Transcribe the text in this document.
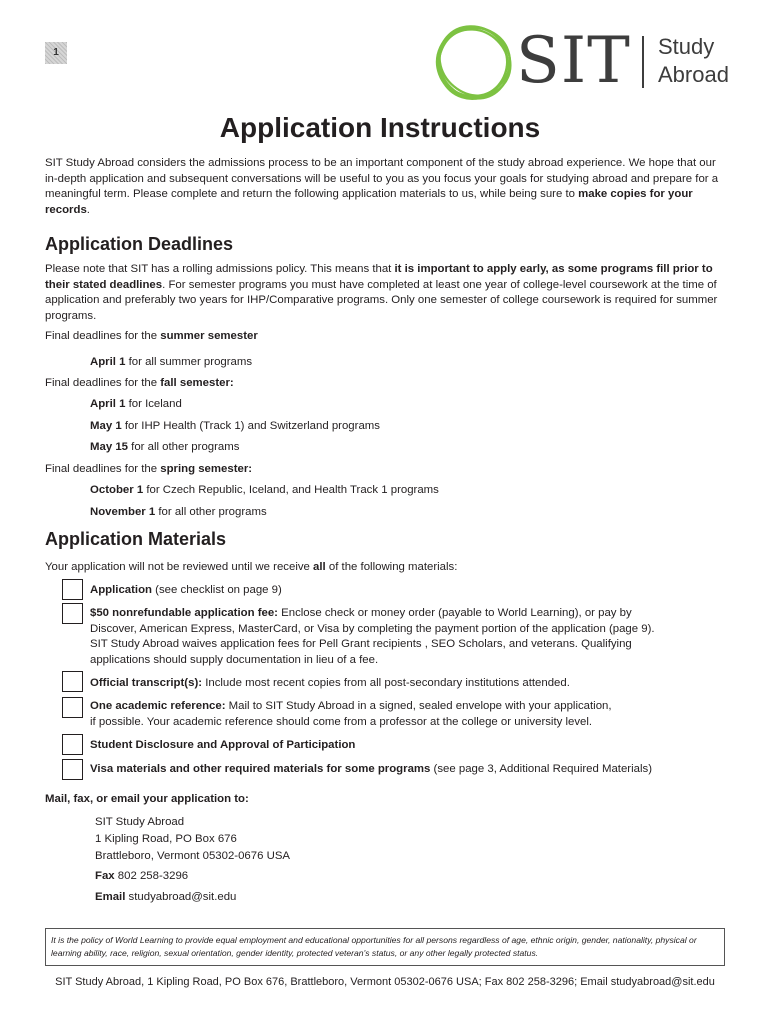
1	SIT Study
Abroad
Application Instructions
SIT Study Abroad considers the admissions process to be an important component of the study abroad experience. We hope that our in-depth application and subsequent conversations will be useful to you as you focus your goals for studying abroad and prepare for a meaningful term. Please complete and return the following application materials to us, while being sure to make copies for your records.
Application Deadlines
Please note that SIT has a rolling admissions policy. This means that it is important to apply early, as some programs fill prior to their stated deadlines. For semester programs you must have completed at least one year of college-level coursework at the time of application and preferably two years for IHP/Comparative programs. Only one semester of college coursework is required for summer programs.
Final deadlines for the summer semester
April 1 for all summer programs
Final deadlines for the fall semester:
April 1 for Iceland
May 1 for IHP Health (Track 1) and Switzerland programs
May 15 for all other programs
Final deadlines for the spring semester:
October 1 for Czech Republic, Iceland, and Health Track 1 programs
November 1 for all other programs
Application Materials
Your application will not be reviewed until we receive all of the following materials:
Application (see checklist on page 9)
$50 nonrefundable application fee: Enclose check or money order (payable to World Learning), or pay by
Discover, American Express, MasterCard, or Visa by completing the payment portion of the application (page 9).
SIT Study Abroad waives application fees for Pell Grant recipients , SEO Scholars, and veterans. Qualifying
applications should supply documentation in lieu of a fee.
Official transcript(s): Include most recent copies from all post-secondary institutions attended.
One academic reference: Mail to SIT Study Abroad in a signed, sealed envelope with your application,
if possible. Your academic reference should come from a professor at the college or university level.
Student Disclosure and Approval of Participation
Visa materials and other required materials for some programs (see page 3, Additional Required Materials)
Mail, fax, or email your application to:
SIT Study Abroad
1 Kipling Road, PO Box 676
Brattleboro, Vermont 05302-0676 USA
Fax 802 258-3296
Email studyabroad@sit.edu
It is the policy of World Learning to provide equal employment and educational opportunities for all persons regardless of age, ethnic origin, gender, nationality, physical or learning ability, race, religion, sexual orientation, gender identity, protected veteran's status, or any other legally protected status.
SIT Study Abroad, 1 Kipling Road, PO Box 676, Brattleboro, Vermont 05302-0676 USA; Fax 802 258-3296; Email studyabroad@sit.edu
